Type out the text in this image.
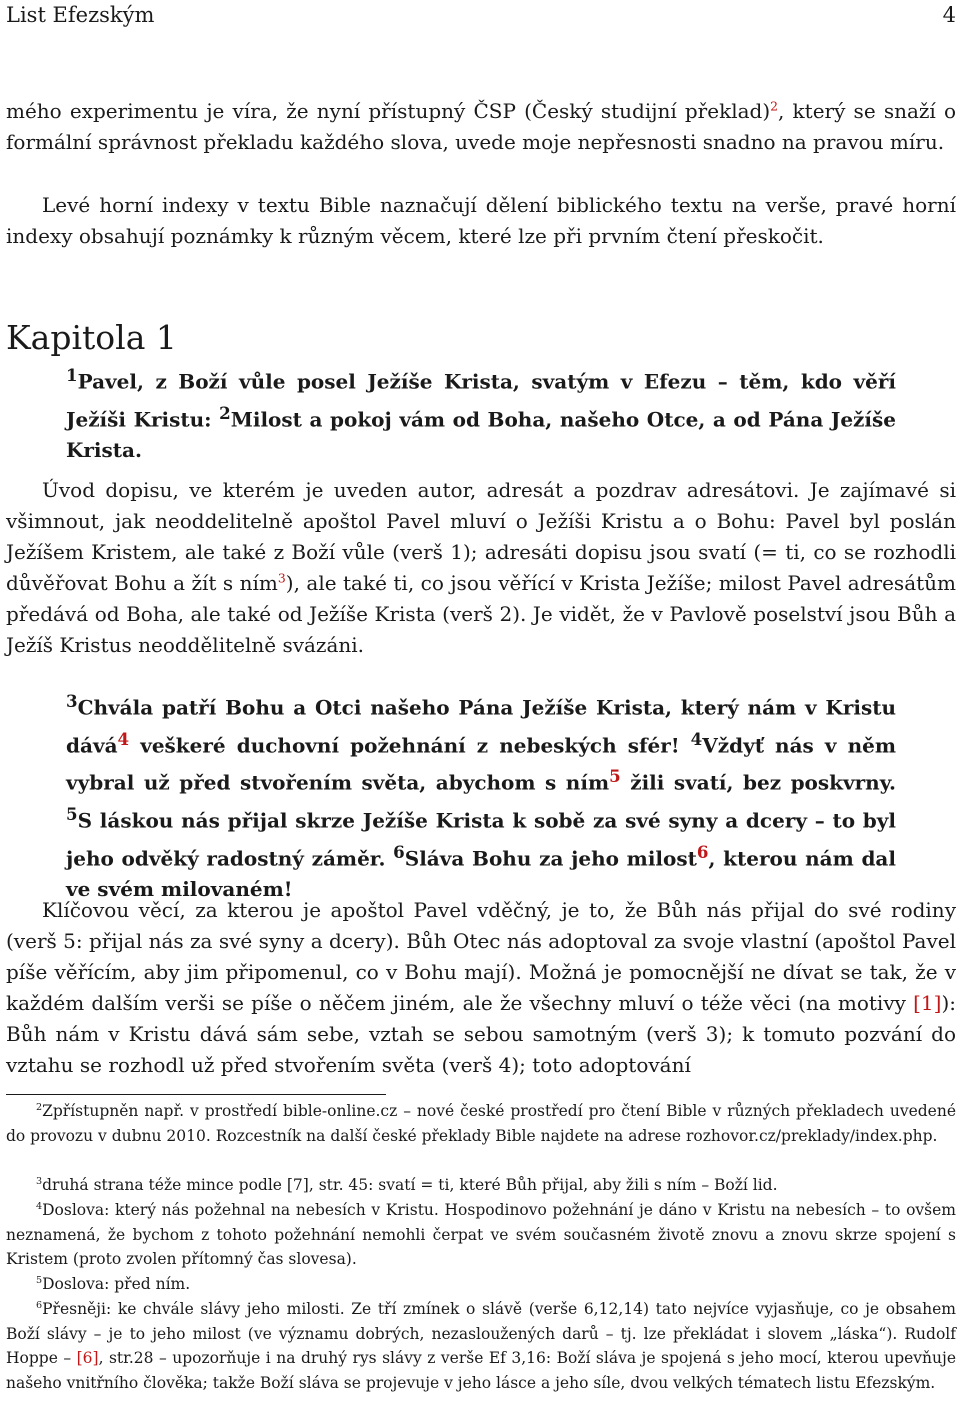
List Efezským	4
mého experimentu je víra, že nyní přístupný ČSP (Český studijní překlad)$^2$, který se snaží o formální správnost překladu každého slova, uvede moje nepřesnosti snadno na pravou míru.
Levé horní indexy v textu Bible naznačují dělení biblického textu na verše, pravé horní indexy obsahují poznámky k různým věcem, které lze při prvním čtení přeskočit.
Kapitola 1
$^1$Pavel, z Boží vůle posel Ježíše Krista, svatým v Efezu – těm, kdo věří Ježíši Kristu: $^2$Milost a pokoj vám od Boha, našeho Otce, a od Pána Ježíše Krista.
Úvod dopisu, ve kterém je uveden autor, adresát a pozdrav adresátovi. Je zajímavé si všimnout, jak neoddelitelně apoštol Pavel mluví o Ježíši Kristu a o Bohu: Pavel byl poslán Ježíšem Kristem, ale také z Boží vůle (verš 1); adresáti dopisu jsou svatí (= ti, co se rozhodli důvěřovat Bohu a žít s ním$^3$), ale také ti, co jsou věřící v Krista Ježíše; milost Pavel adresátům předává od Boha, ale také od Ježíše Krista (verš 2). Je vidět, že v Pavlově poselství jsou Bůh a Ježíš Kristus neoddělitelně svázáni.
$^3$Chvála patří Bohu a Otci našeho Pána Ježíše Krista, který nám v Kristu dává$^4$ veškeré duchovní požehnání z nebeských sfér! $^4$Vždyť nás v něm vybral už před stvořením světa, abychom s ním$^5$ žili svatí, bez poskvrny. $^5$S láskou nás přijal skrze Ježíše Krista k sobě za své syny a dcery – to byl jeho odvěký radostný záměr. $^6$Sláva Bohu za jeho milost$^6$, kterou nám dal ve svém milovaném!
Klíčovou věcí, za kterou je apoštol Pavel vděčný, je to, že Bůh nás přijal do své rodiny (verš 5: přijal nás za své syny a dcery). Bůh Otec nás adoptoval za svoje vlastní (apoštol Pavel píše věřícím, aby jim připomenul, co v Bohu mají). Možná je pomocnější ne dívat se tak, že v každém dalším verši se píše o něčem jiném, ale že všechny mluví o téže věci (na motivy [1]): Bůh nám v Kristu dává sám sebe, vztah se sebou samotným (verš 3); k tomuto pozvání do vztahu se rozhodl už před stvořením světa (verš 4); toto adoptování
$^2$Zpřístupněn např. v prostředí bible-online.cz – nové české prostředí pro čtení Bible v různých překladech uvedené do provozu v dubnu 2010. Rozcestník na další české překlady Bible najdete na adrese rozhovor.cz/preklady/index.php.
$^3$druhá strana téže mince podle [7], str. 45: svatí = ti, které Bůh přijal, aby žili s ním – Boží lid.
$^4$Doslova: který nás požehnal na nebesích v Kristu. Hospodinovo požehnání je dáno v Kristu na nebesích – to ovšem neznamená, že bychom z tohoto požehnání nemohli čerpat ve svém současném životě znovu a znovu skrze spojení s Kristem (proto zvolen přítomný čas slovesa).
$^5$Doslova: před ním.
$^6$Přesněji: ke chvále slávy jeho milosti. Ze tří zmínek o slávě (verše 6,12,14) tato nejvíce vyjasňuje, co je obsahem Boží slávy – je to jeho milost (ve významu dobrých, nezasloužených darů – tj. lze překládat i slovem „láska“). Rudolf Hoppe – [6], str.28 – upozorňuje i na druhý rys slávy z verše Ef 3,16: Boží sláva je spojená s jeho mocí, kterou upevňuje našeho vnitřního člověka; takže Boží sláva se projevuje v jeho lásce a jeho síle, dvou velkých tématech listu Efezským.
